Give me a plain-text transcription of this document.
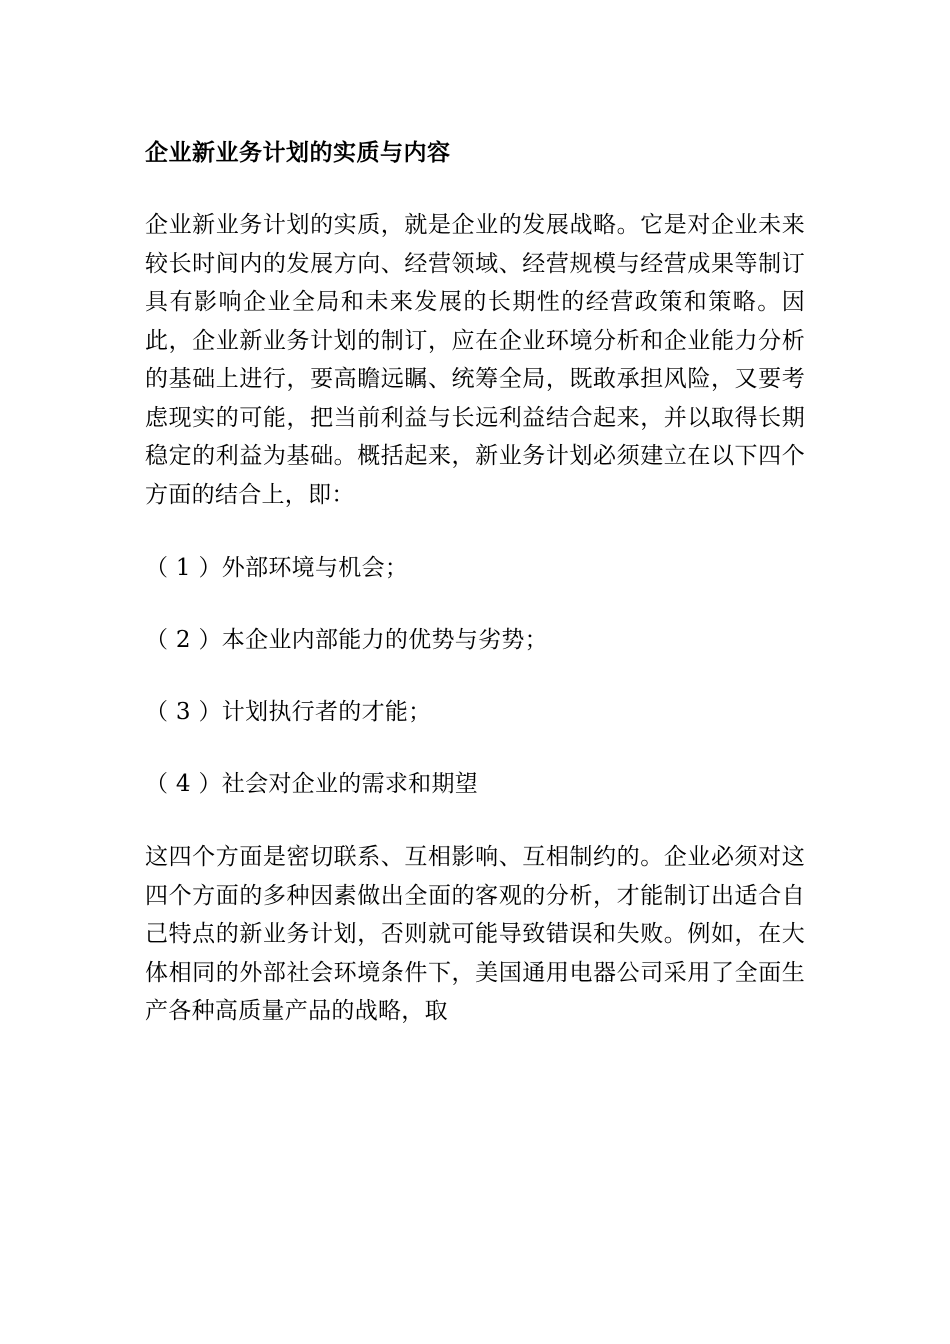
企业新业务计划的实质与内容

企业新业务计划的实质，就是企业的发展战略。它是对企业未来较长时间内的发展方向、经营领域、经营规模与经营成果等制订具有影响企业全局和未来发展的长期性的经营政策和策略。因此，企业新业务计划的制订，应在企业环境分析和企业能力分析的基础上进行，要高瞻远瞩、统筹全局，既敢承担风险，又要考虑现实的可能，把当前利益与长远利益结合起来，并以取得长期稳定的利益为基础。概括起来，新业务计划必须建立在以下四个方面的结合上，即：

（ 1 ）外部环境与机会；
（ 2 ）本企业内部能力的优势与劣势；
（ 3 ）计划执行者的才能；
（ 4 ）社会对企业的需求和期望

这四个方面是密切联系、互相影响、互相制约的。企业必须对这四个方面的多种因素做出全面的客观的分析，才能制订出适合自己特点的新业务计划，否则就可能导致错误和失败。例如，在大体相同的外部社会环境条件下，美国通用电器公司采用了全面生产各种高质量产品的战略，取
